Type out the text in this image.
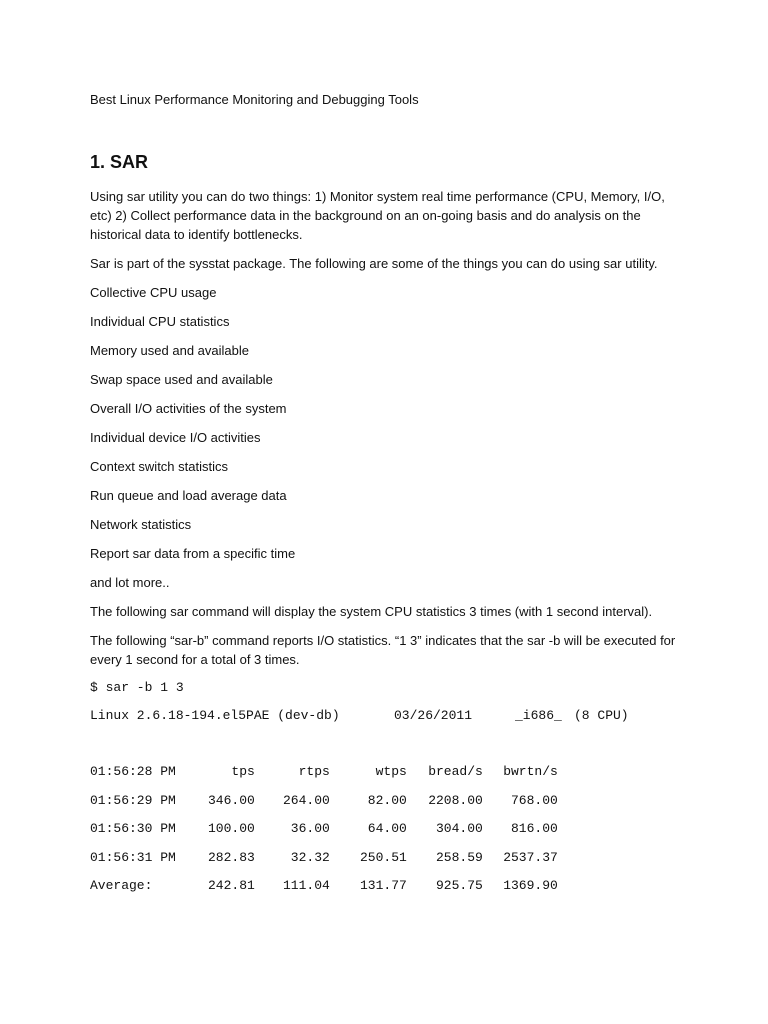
Best Linux Performance Monitoring and Debugging Tools
1. SAR
Using sar utility you can do two things: 1) Monitor system real time performance (CPU, Memory, I/O, etc) 2) Collect performance data in the background on an on-going basis and do analysis on the historical data to identify bottlenecks.
Sar is part of the sysstat package. The following are some of the things you can do using sar utility.
Collective CPU usage
Individual CPU statistics
Memory used and available
Swap space used and available
Overall I/O activities of the system
Individual device I/O activities
Context switch statistics
Run queue and load average data
Network statistics
Report sar data from a specific time
and lot more..
The following sar command will display the system CPU statistics 3 times (with 1 second interval).
The following “sar-b” command reports I/O statistics. “1 3” indicates that the sar -b will be executed for every 1 second for a total of 3 times.
$ sar -b 1 3

Linux 2.6.18-194.el5PAE (dev-db)

	03/26/2011

	_i686_

(8 CPU)

01:56:28 PM	tps	rtps	wtps	bread/s	bwrtn/s
01:56:29 PM	346.00	264.00	82.00	2208.00	768.00
01:56:30 PM	100.00	36.00	64.00	304.00	816.00
01:56:31 PM	282.83	32.32	250.51	258.59	2537.37
Average:	242.81	111.04	131.77	925.75	1369.90
